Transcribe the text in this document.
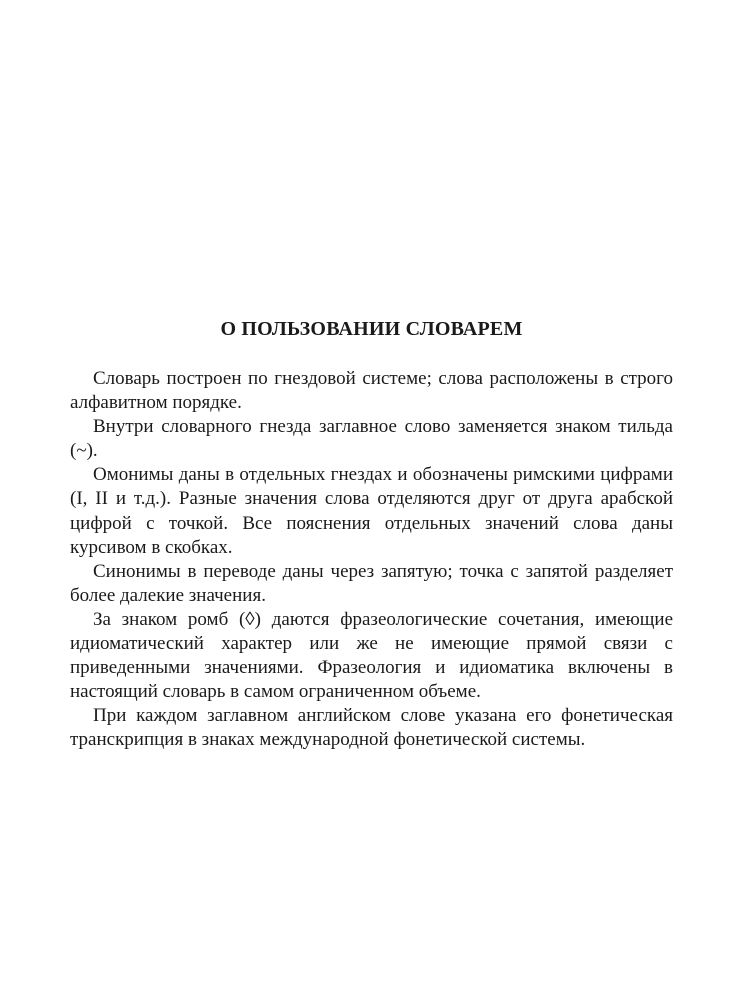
О ПОЛЬЗОВАНИИ СЛОВАРЕМ

Словарь построен по гнездовой системе; слова расположены в строго алфавитном порядке.

Внутри словарного гнезда заглавное слово заменяется знаком тильда (~).

Омонимы даны в отдельных гнездах и обозначены римскими цифрами (I, II и т.д.). Разные значения слова отделяются друг от друга арабской цифрой с точкой. Все пояснения отдельных значений слова даны курсивом в скобках.

Синонимы в переводе даны через запятую; точка с запятой разделяет более далекие значения.

За знаком ромб (◊) даются фразеологические сочетания, имеющие идиоматический характер или же не имеющие прямой связи с приведенными значениями. Фразеология и идиоматика включены в настоящий словарь в самом ограниченном объеме.

При каждом заглавном английском слове указана его фонетическая транскрипция в знаках международной фонетической системы.
